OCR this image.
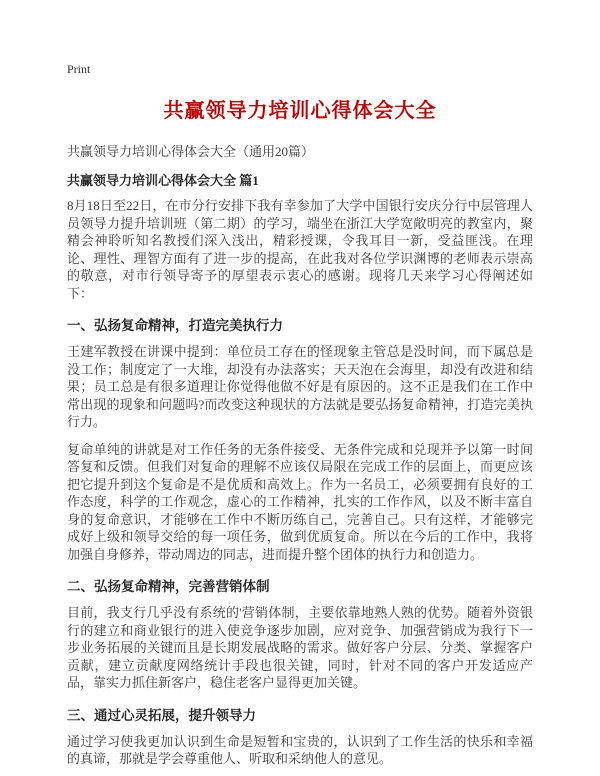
Print
共赢领导力培训心得体会大全

共赢领导力培训心得体会大全（通用20篇）

共赢领导力培训心得体会大全 篇1

8月18日至22日，在市分行安排下我有幸参加了大学中国银行安庆分行中层管理人员领导力提升培训班（第二期）的学习，端坐在浙江大学宽敞明亮的教室内，聚精会神聆听知名教授们深入浅出，精彩授课，令我耳目一新，受益匪浅。在理论、理性、理智方面有了进一步的提高，在此我对各位学识渊博的老师表示崇高的敬意，对市行领导寄予的厚望表示衷心的感谢。现将几天来学习心得阐述如下：

一、弘扬复命精神，打造完美执行力

王建军教授在讲课中提到：单位员工存在的怪现象主管总是没时间，而下属总是没工作；制度定了一大堆，却没有办法落实；天天泡在会海里，却没有改进和结果；员工总是有很多道理让你觉得他做不好是有原因的。这不正是我们在工作中常出现的现象和问题吗?而改变这种现状的方法就是要弘扬复命精神，打造完美执行力。

复命单纯的讲就是对工作任务的无条件接受、无条件完成和兑现并予以第一时间答复和反馈。但我们对复命的理解不应该仅局限在完成工作的层面上，而更应该把它提升到这个复命是不是优质和高效上。作为一名员工，必须要拥有良好的工作态度，科学的工作观念，虚心的工作精神，扎实的工作作风，以及不断丰富自身的复命意识，才能够在工作中不断历练自己，完善自己。只有这样，才能够完成好上级和领导交给的每一项任务，做到优质复命。所以在今后的工作中，我将加强自身修养，带动周边的同志，进而提升整个团体的执行力和创造力。

二、弘扬复命精神，完善营销体制

目前，我支行几乎没有系统的'营销体制，主要依靠地熟人熟的优势。随着外资银行的建立和商业银行的进入使竞争逐步加剧，应对竞争、加强营销成为我行下一步业务拓展的关键而且是长期发展战略的需求。做好客户分层、分类、掌握客户贡献，建立贡献度网络统计手段也很关键，同时，针对不同的客户开发适应产品，靠实力抓住新客户，稳住老客户显得更加关键。

三、通过心灵拓展，提升领导力

通过学习使我更加认识到生命是短暂和宝贵的，认识到了工作生活的快乐和幸福的真谛，那就是学会尊重他人、听取和采纳他人的意见。
